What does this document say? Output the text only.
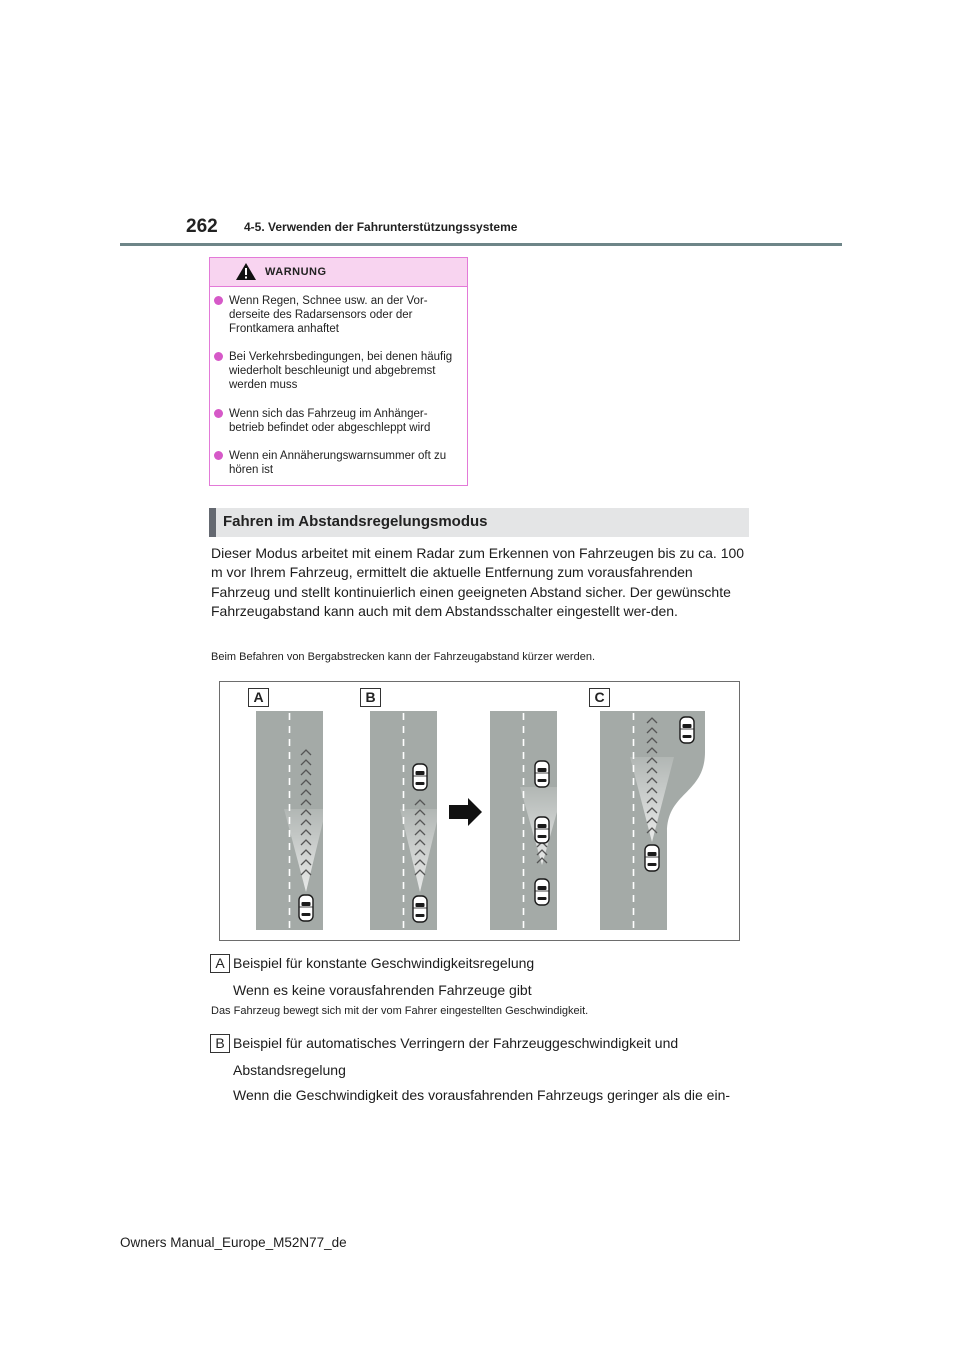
262 4-5. Verwenden der Fahrunterstützungssysteme
WARNUNG
Wenn Regen, Schnee usw. an der Vor-derseite des Radarsensors oder der Frontkamera anhaftet
Bei Verkehrsbedingungen, bei denen häufig wiederholt beschleunigt und abgebremst werden muss
Wenn sich das Fahrzeug im Anhänger-betrieb befindet oder abgeschleppt wird
Wenn ein Annäherungswarnsummer oft zu hören ist
Fahren im Abstandsregelungsmodus
Dieser Modus arbeitet mit einem Radar zum Erkennen von Fahrzeugen bis zu ca. 100 m vor Ihrem Fahrzeug, ermittelt die aktuelle Entfernung zum vorausfahrenden Fahrzeug und stellt kontinuierlich einen geeigneten Abstand sicher. Der gewünschte Fahrzeugabstand kann auch mit dem Abstandsschalter eingestellt wer-den.
Beim Befahren von Bergabstrecken kann der Fahrzeugabstand kürzer werden.
A	B	C
A Beispiel für konstante Geschwindigkeitsregelung
Wenn es keine vorausfahrenden Fahrzeuge gibt
Das Fahrzeug bewegt sich mit der vom Fahrer eingestellten Geschwindigkeit.
B Beispiel für automatisches Verringern der Fahrzeuggeschwindigkeit und
Abstandsregelung
Wenn die Geschwindigkeit des vorausfahrenden Fahrzeugs geringer als die ein-
Owners Manual_Europe_M52N77_de
